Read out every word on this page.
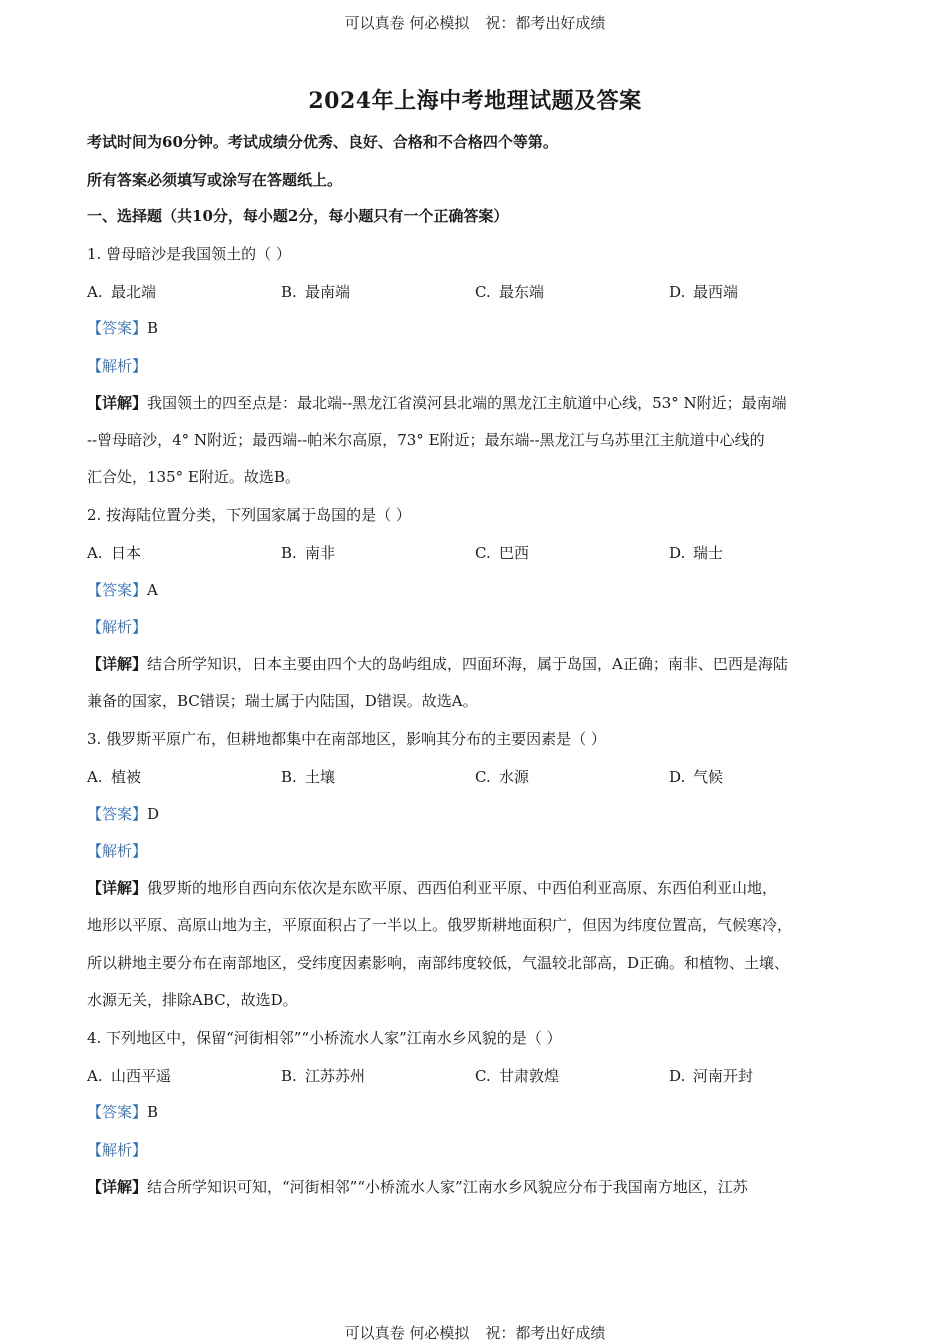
可以真卷 何必模拟 祝：都考出好成绩
2024年上海中考地理试题及答案
考试时间为60分钟。考试成绩分优秀、良好、合格和不合格四个等第。
所有答案必须填写或涂写在答题纸上。
一、选择题（共10分，每小题2分，每小题只有一个正确答案）
1. 曾母暗沙是我国领土的（ ）
A. 最北端	B. 最南端	C. 最东端	D. 最西端
【答案】B
【解析】
【详解】我国领土的四至点是：最北端--黑龙江省漠河县北端的黑龙江主航道中心线，53° N附近；最南端
--曾母暗沙，4° N附近；最西端--帕米尔高原，73° E附近；最东端--黑龙江与乌苏里江主航道中心线的
汇合处，135° E附近。故选B。
2. 按海陆位置分类，下列国家属于岛国的是（ ）
A. 日本	B. 南非	C. 巴西	D. 瑞士
【答案】A
【解析】
【详解】结合所学知识，日本主要由四个大的岛屿组成，四面环海，属于岛国，A正确；南非、巴西是海陆
兼备的国家，BC错误；瑞士属于内陆国，D错误。故选A。
3. 俄罗斯平原广布，但耕地都集中在南部地区，影响其分布的主要因素是（ ）
A. 植被	B. 土壤	C. 水源	D. 气候
【答案】D
【解析】
【详解】俄罗斯的地形自西向东依次是东欧平原、西西伯利亚平原、中西伯利亚高原、东西伯利亚山地，
地形以平原、高原山地为主，平原面积占了一半以上。俄罗斯耕地面积广，但因为纬度位置高，气候寒冷，
所以耕地主要分布在南部地区，受纬度因素影响，南部纬度较低，气温较北部高，D正确。和植物、土壤、
水源无关，排除ABC，故选D。
4. 下列地区中，保留“河街相邻”“小桥流水人家”江南水乡风貌的是（ ）
A. 山西平遥	B. 江苏苏州	C. 甘肃敦煌	D. 河南开封
【答案】B
【解析】
【详解】结合所学知识可知，“河街相邻”“小桥流水人家”江南水乡风貌应分布于我国南方地区，江苏
可以真卷 何必模拟 祝：都考出好成绩
